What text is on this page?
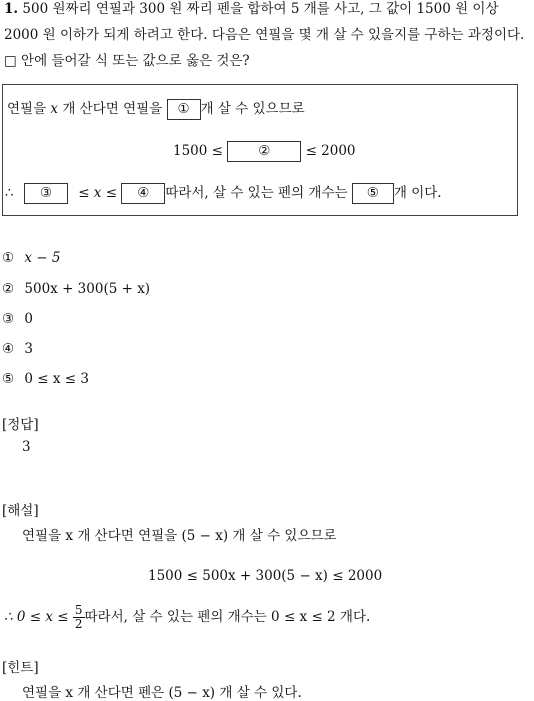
1. 500 원짜리 연필과 300 원 짜리 펜을 합하여 5 개를 사고, 그 값이 1500 원 이상 2000 원 이하가 되게 하려고 한다. 다음은 연필을 몇 개 살 수 있을지를 구하는 과정이다. □ 안에 들어갈 식 또는 값으로 옳은 것은?
연필을 x 개 산다면 연필을 ① 개 살 수 있으므로
1500 ≤	②	≤ 2000
∴ ③ ≤ x ≤ ④ 따라서, 살 수 있는 펜의 개수는 ⑤ 개 이다.
① x − 5
② 500x + 300(5 + x)
③ 0
④ 3
⑤ 0 ≤ x ≤ 3
[정답]
3
[해설]
연필을 x 개 산다면 연필을 (5 − x) 개 살 수 있으므로
1500 ≤ 500x + 300(5 − x) ≤ 2000
∴ $0 \le x \le \frac{5}{2}$ 따라서, 살 수 있는 펜의 개수는 0 ≤ x ≤ 2 개다.
[힌트]
연필을 x 개 산다면 펜은 (5 − x) 개 살 수 있다.
